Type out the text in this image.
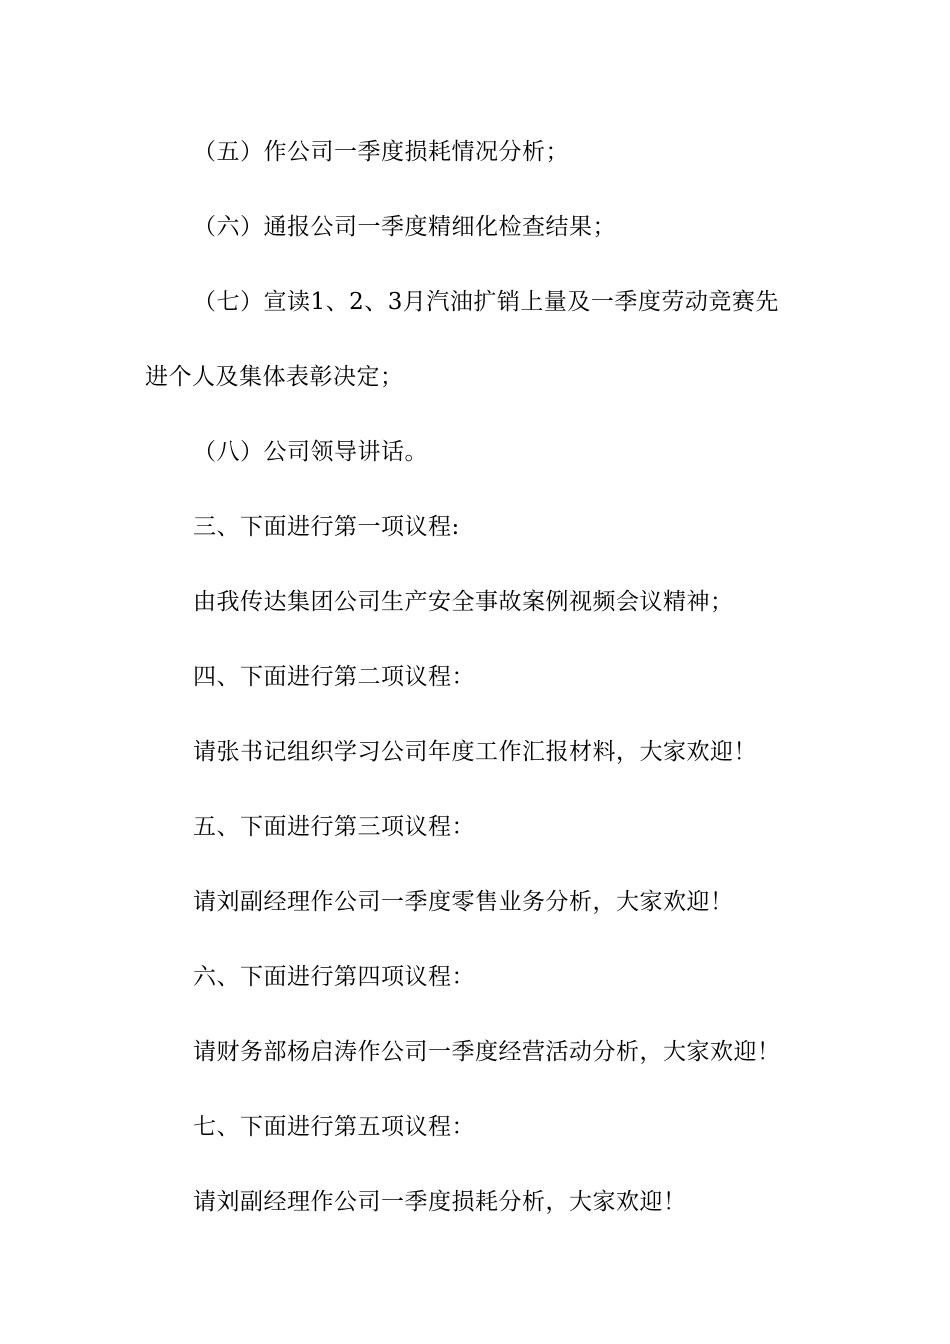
（五）作公司一季度损耗情况分析；
（六）通报公司一季度精细化检查结果；
（七）宣读1、2、3月汽油扩销上量及一季度劳动竞赛先
进个人及集体表彰决定；
（八）公司领导讲话。
三、下面进行第一项议程:
由我传达集团公司生产安全事故案例视频会议精神；
四、下面进行第二项议程：
请张书记组织学习公司年度工作汇报材料，大家欢迎！
五、下面进行第三项议程：
请刘副经理作公司一季度零售业务分析，大家欢迎！
六、下面进行第四项议程：
请财务部杨启涛作公司一季度经营活动分析，大家欢迎！
七、下面进行第五项议程：
请刘副经理作公司一季度损耗分析，大家欢迎！
